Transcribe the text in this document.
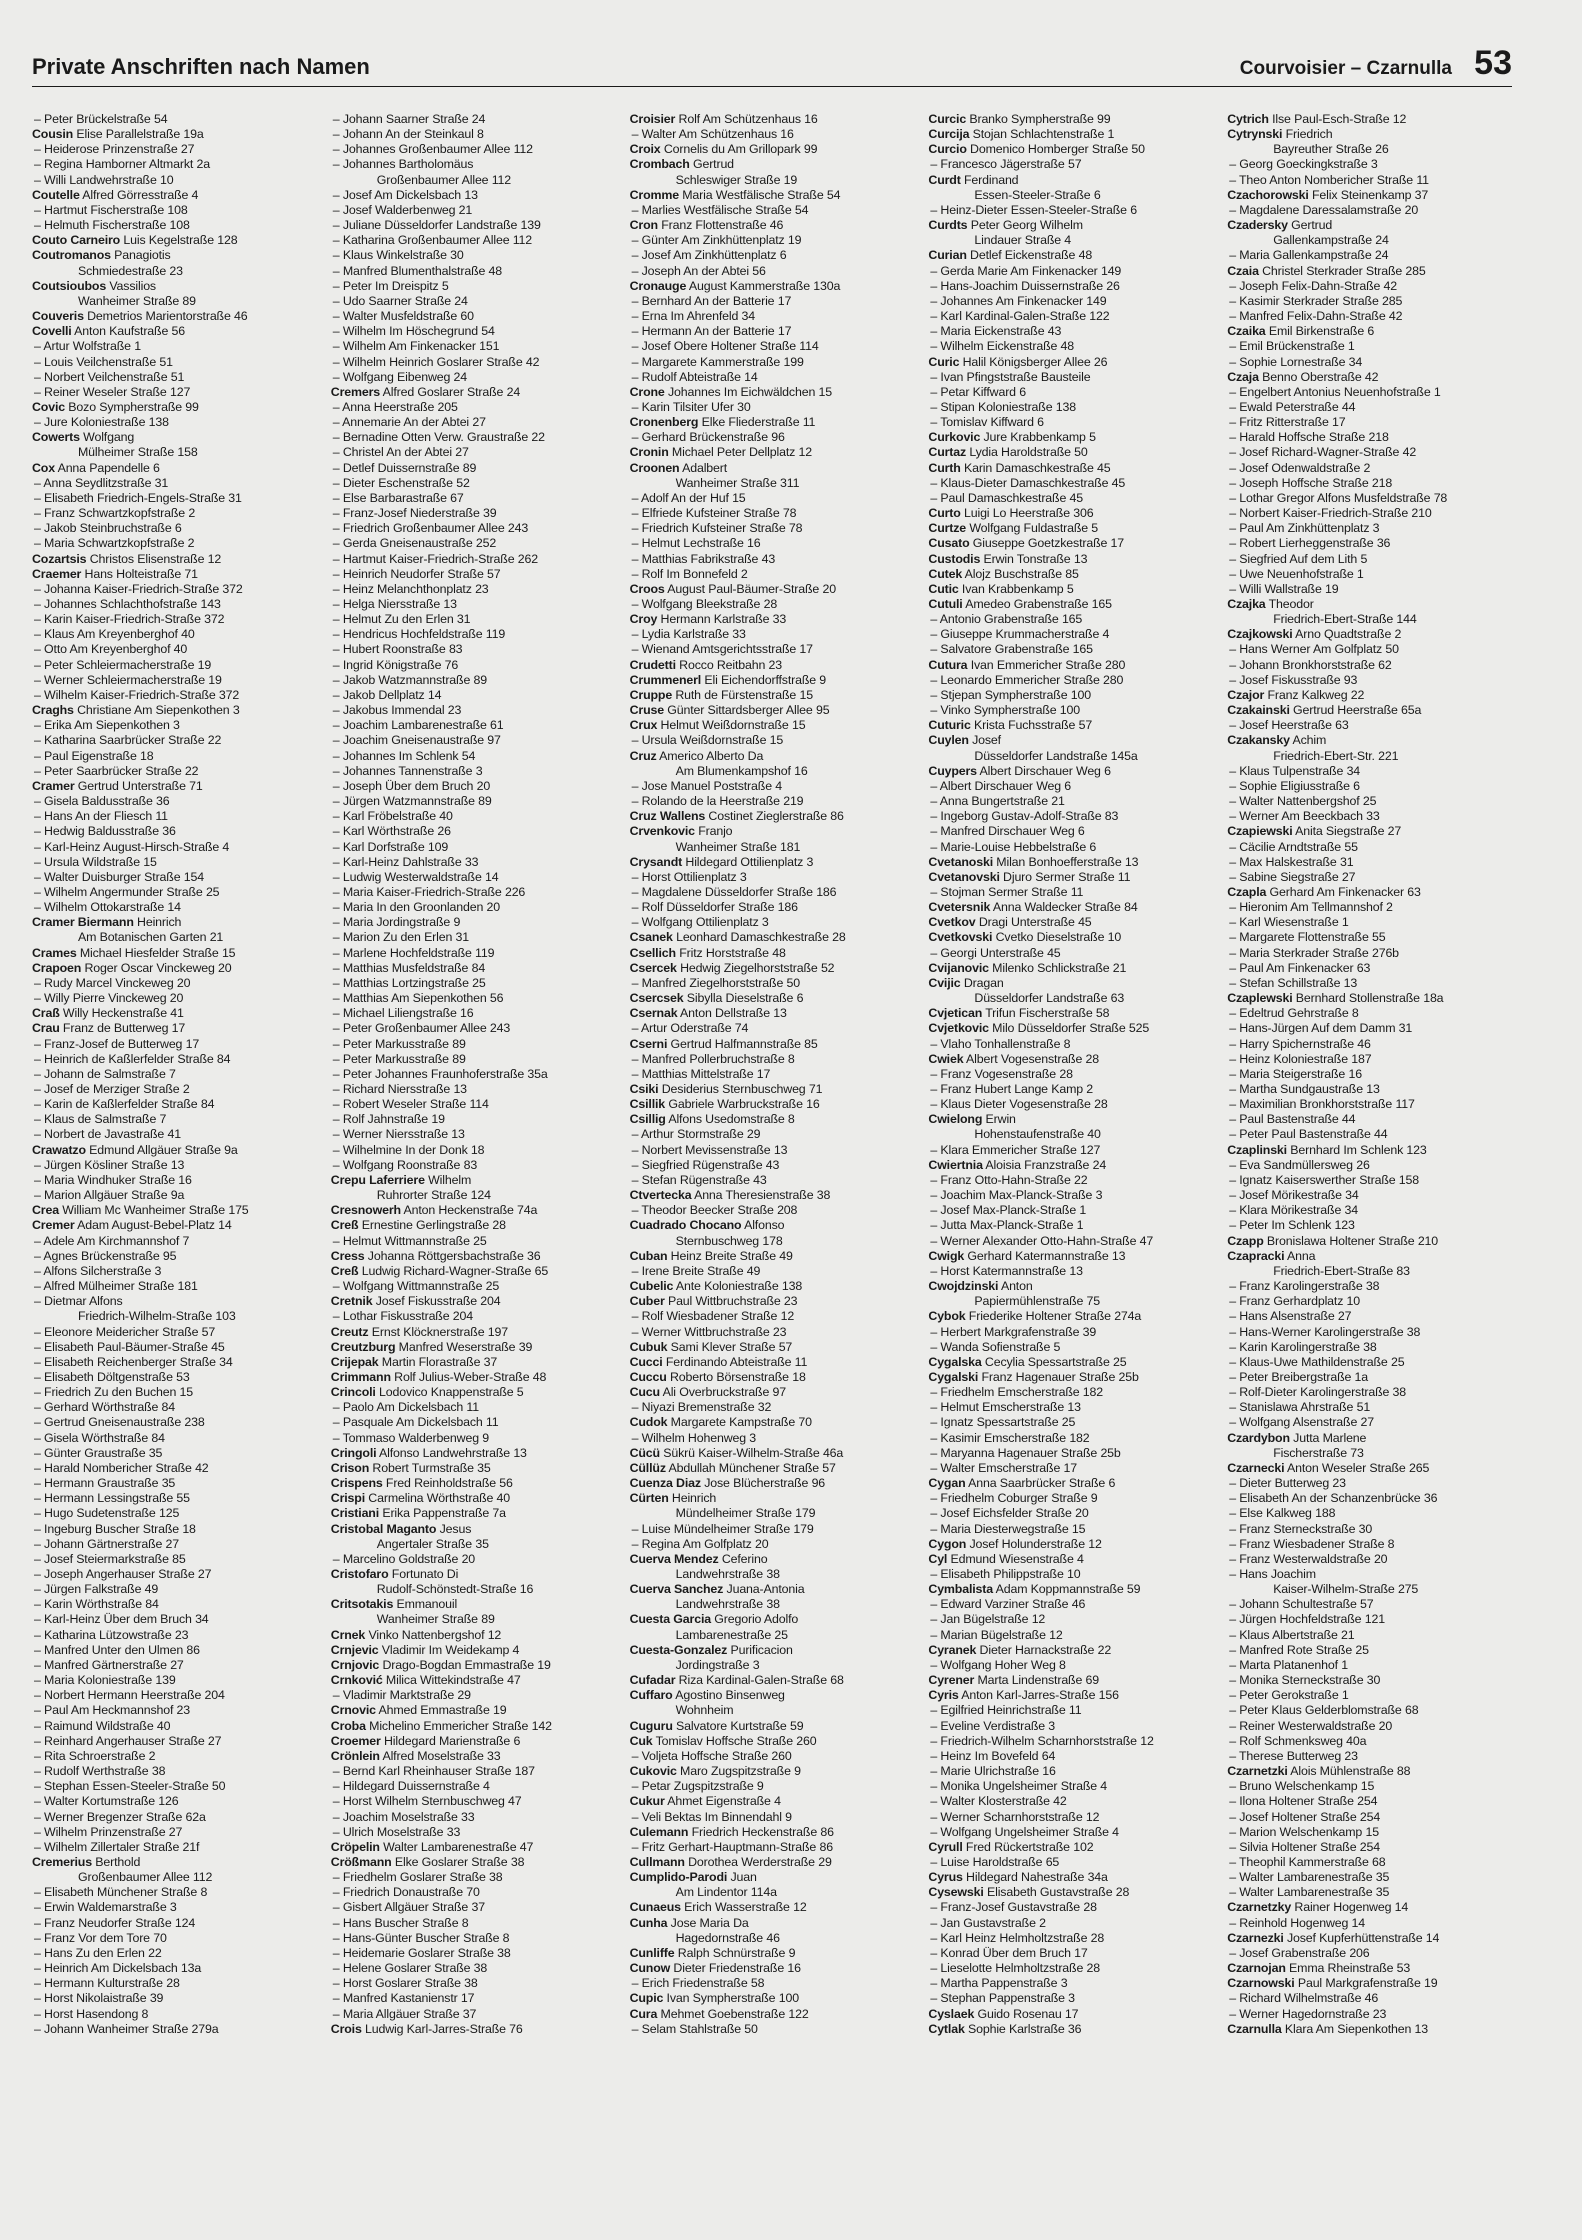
Private Anschriften nach Namen	Courvoisier – Czarnulla 53
– Peter Brückelstraße 54
Cousin Elise Parallelstraße 19a
– Heiderose Prinzenstraße 27
– Regina Hamborner Altmarkt 2a
– Willi Landwehrstraße 10
Coutelle Alfred Görresstraße 4
– Hartmut Fischerstraße 108
– Helmuth Fischerstraße 108
Couto Carneiro Luis Kegelstraße 128
Coutromanos Panagiotis
Schmiedestraße 23
Coutsioubos Vassilios
Wanheimer Straße 89
Couveris Demetrios Marientorstraße 46
Covelli Anton Kaufstraße 56
– Artur Wolfstraße 1
– Louis Veilchenstraße 51
– Norbert Veilchenstraße 51
– Reiner Weseler Straße 127
Covic Bozo Sympherstraße 99
– Jure Koloniestraße 138
Cowerts Wolfgang
Mülheimer Straße 158
Cox Anna Papendelle 6
– Anna Seydlitzstraße 31
– Elisabeth Friedrich-Engels-Straße 31
– Franz Schwartzkopfstraße 2
– Jakob Steinbruchstraße 6
– Maria Schwartzkopfstraße 2
Cozartsis Christos Elisenstraße 12
Craemer Hans Holteistraße 71
– Johanna Kaiser-Friedrich-Straße 372
– Johannes Schlachthofstraße 143
– Karin Kaiser-Friedrich-Straße 372
– Klaus Am Kreyenberghof 40
– Otto Am Kreyenberghof 40
– Peter Schleiermacherstraße 19
– Werner Schleiermacherstraße 19
– Wilhelm Kaiser-Friedrich-Straße 372
Craghs Christiane Am Siepenkothen 3
– Erika Am Siepenkothen 3
– Katharina Saarbrücker Straße 22
– Paul Eigenstraße 18
– Peter Saarbrücker Straße 22
Cramer Gertrud Unterstraße 71
– Gisela Baldusstraße 36
– Hans An der Fliesch 11
– Hedwig Baldusstraße 36
– Karl-Heinz August-Hirsch-Straße 4
– Ursula Wildstraße 15
– Walter Duisburger Straße 154
– Wilhelm Angermunder Straße 25
– Wilhelm Ottokarstraße 14
Cramer Biermann Heinrich
Am Botanischen Garten 21
Crames Michael Hiesfelder Straße 15
Crapoen Roger Oscar Vinckeweg 20
– Rudy Marcel Vinckeweg 20
– Willy Pierre Vinckeweg 20
Craß Willy Heckenstraße 41
Crau Franz de Butterweg 17
– Franz-Josef de Butterweg 17
– Heinrich de Kaßlerfelder Straße 84
– Johann de Salmstraße 7
– Josef de Merziger Straße 2
– Karin de Kaßlerfelder Straße 84
– Klaus de Salmstraße 7
– Norbert de Javastraße 41
Crawatzo Edmund Allgäuer Straße 9a
– Jürgen Kösliner Straße 13
– Maria Windhuker Straße 16
– Marion Allgäuer Straße 9a
Crea William Mc Wanheimer Straße 175
Cremer Adam August-Bebel-Platz 14
– Adele Am Kirchmannshof 7
– Agnes Brückenstraße 95
– Alfons Silcherstraße 3
– Alfred Mülheimer Straße 181
– Dietmar Alfons
Friedrich-Wilhelm-Straße 103
– Eleonore Meidericher Straße 57
– Elisabeth Paul-Bäumer-Straße 45
– Elisabeth Reichenberger Straße 34
– Elisabeth Döltgenstraße 53
– Friedrich Zu den Buchen 15
– Gerhard Wörthstraße 84
– Gertrud Gneisenaustraße 238
– Gisela Wörthstraße 84
– Günter Graustraße 35
– Harald Nombericher Straße 42
– Hermann Graustraße 35
– Hermann Lessingstraße 55
– Hugo Sudetenstraße 125
– Ingeburg Buscher Straße 18
– Johann Gärtnerstraße 27
– Josef Steiermarkstraße 85
– Joseph Angerhauser Straße 27
– Jürgen Falkstraße 49
– Karin Wörthstraße 84
– Karl-Heinz Über dem Bruch 34
– Katharina Lützowstraße 23
– Manfred Unter den Ulmen 86
– Manfred Gärtnerstraße 27
– Maria Koloniestraße 139
– Norbert Hermann Heerstraße 204
– Paul Am Heckmannshof 23
– Raimund Wildstraße 40
– Reinhard Angerhauser Straße 27
– Rita Schroerstraße 2
– Rudolf Werthstraße 38
– Stephan Essen-Steeler-Straße 50
– Walter Kortumstraße 126
– Werner Bregenzer Straße 62a
– Wilhelm Prinzenstraße 27
– Wilhelm Zillertaler Straße 21f
Cremerius Berthold
Großenbaumer Allee 112
– Elisabeth Münchener Straße 8
– Erwin Waldemarstraße 3
– Franz Neudorfer Straße 124
– Franz Vor dem Tore 70
– Hans Zu den Erlen 22
– Heinrich Am Dickelsbach 13a
– Hermann Kulturstraße 28
– Horst Nikolaistraße 39
– Horst Hasendong 8
– Johann Wanheimer Straße 279a
– Johann Saarner Straße 24
– Johann An der Steinkaul 8
– Johannes Großenbaumer Allee 112
– Johannes Bartholomäus
Großenbaumer Allee 112
– Josef Am Dickelsbach 13
– Josef Walderbenweg 21
– Juliane Düsseldorfer Landstraße 139
– Katharina Großenbaumer Allee 112
– Klaus Winkelstraße 30
– Manfred Blumenthalstraße 48
– Peter Im Dreispitz 5
– Udo Saarner Straße 24
– Walter Musfeldstraße 60
– Wilhelm Im Höschegrund 54
– Wilhelm Am Finkenacker 151
– Wilhelm Heinrich Goslarer Straße 42
– Wolfgang Eibenweg 24
Cremers Alfred Goslarer Straße 24
– Anna Heerstraße 205
– Annemarie An der Abtei 27
– Bernadine Otten Verw. Graustraße 22
– Christel An der Abtei 27
– Detlef Duissernstraße 89
– Dieter Eschenstraße 52
– Else Barbarastraße 67
– Franz-Josef Niederstraße 39
– Friedrich Großenbaumer Allee 243
– Gerda Gneisenaustraße 252
– Hartmut Kaiser-Friedrich-Straße 262
– Heinrich Neudorfer Straße 57
– Heinz Melanchthonplatz 23
– Helga Niersstraße 13
– Helmut Zu den Erlen 31
– Hendricus Hochfeldstraße 119
– Hubert Roonstraße 83
– Ingrid Königstraße 76
– Jakob Watzmannstraße 89
– Jakob Dellplatz 14
– Jakobus Immendal 23
– Joachim Lambarenestraße 61
– Joachim Gneisenaustraße 97
– Johannes Im Schlenk 54
– Johannes Tannenstraße 3
– Joseph Über dem Bruch 20
– Jürgen Watzmannstraße 89
– Karl Fröbelstraße 40
– Karl Wörthstraße 26
– Karl Dorfstraße 109
– Karl-Heinz Dahlstraße 33
– Ludwig Westerwaldstraße 14
– Maria Kaiser-Friedrich-Straße 226
– Maria In den Groonlanden 20
– Maria Jordingstraße 9
– Marion Zu den Erlen 31
– Marlene Hochfeldstraße 119
– Matthias Musfeldstraße 84
– Matthias Lortzingstraße 25
– Matthias Am Siepenkothen 56
– Michael Liliengstraße 16
– Peter Großenbaumer Allee 243
– Peter Markusstraße 89
– Peter Markusstraße 89
– Peter Johannes Fraunhoferstraße 35a
– Richard Niersstraße 13
– Robert Weseler Straße 114
– Rolf Jahnstraße 19
– Werner Niersstraße 13
– Wilhelmine In der Donk 18
– Wolfgang Roonstraße 83
Crepu Laferriere Wilhelm
Ruhrorter Straße 124
Cresnowerh Anton Heckenstraße 74a
Creß Ernestine Gerlingstraße 28
– Helmut Wittmannstraße 25
Cress Johanna Röttgersbachstraße 36
Creß Ludwig Richard-Wagner-Straße 65
– Wolfgang Wittmannstraße 25
Cretnik Josef Fiskusstraße 204
– Lothar Fiskusstraße 204
Creutz Ernst Klöcknerstraße 197
Creutzburg Manfred Weserstraße 39
Crijepak Martin Florastraße 37
Crimmann Rolf Julius-Weber-Straße 48
Crincoli Lodovico Knappenstraße 5
– Paolo Am Dickelsbach 11
– Pasquale Am Dickelsbach 11
– Tommaso Walderbenweg 9
Cringoli Alfonso Landwehrstraße 13
Crison Robert Turmstraße 35
Crispens Fred Reinholdstraße 56
Crispi Carmelina Wörthstraße 40
Cristiani Erika Pappenstraße 7a
Cristobal Maganto Jesus
Angertaler Straße 35
– Marcelino Goldstraße 20
Cristofaro Fortunato Di
Rudolf-Schönstedt-Straße 16
Critsotakis Emmanouil
Wanheimer Straße 89
Crnek Vinko Nattenbergshof 12
Crnjevic Vladimir Im Weidekamp 4
Crnjovic Drago-Bogdan Emmastraße 19
Crnković Milica Wittekindstraße 47
– Vladimir Marktstraße 29
Crnovic Ahmed Emmastraße 19
Croba Michelino Emmericher Straße 142
Croemer Hildegard Marienstraße 6
Crönlein Alfred Moselstraße 33
– Bernd Karl Rheinhauser Straße 187
– Hildegard Duissernstraße 4
– Horst Wilhelm Sternbuschweg 47
– Joachim Moselstraße 33
– Ulrich Moselstraße 33
Cröpelin Walter Lambarenestraße 47
Crößmann Elke Goslarer Straße 38
– Friedhelm Goslarer Straße 38
– Friedrich Donaustraße 70
– Gisbert Allgäuer Straße 37
– Hans Buscher Straße 8
– Hans-Günter Buscher Straße 8
– Heidemarie Goslarer Straße 38
– Helene Goslarer Straße 38
– Horst Goslarer Straße 38
– Manfred Kastanienstr 17
– Maria Allgäuer Straße 37
Crois Ludwig Karl-Jarres-Straße 76
Croisier Rolf Am Schützenhaus 16
– Walter Am Schützenhaus 16
Croix Cornelis du Am Grillopark 99
Crombach Gertrud
Schleswiger Straße 19
Cromme Maria Westfälische Straße 54
– Marlies Westfälische Straße 54
Cron Franz Flottenstraße 46
– Günter Am Zinkhüttenplatz 19
– Josef Am Zinkhüttenplatz 6
– Joseph An der Abtei 56
Cronauge August Kammerstraße 130a
– Bernhard An der Batterie 17
– Erna Im Ahrenfeld 34
– Hermann An der Batterie 17
– Josef Obere Holtener Straße 114
– Margarete Kammerstraße 199
– Rudolf Abteistraße 14
Crone Johannes Im Eichwäldchen 15
– Karin Tilsiter Ufer 30
Cronenberg Elke Fliederstraße 11
– Gerhard Brückenstraße 96
Cronin Michael Peter Dellplatz 12
Croonen Adalbert
Wanheimer Straße 311
– Adolf An der Huf 15
– Elfriede Kufsteiner Straße 78
– Friedrich Kufsteiner Straße 78
– Helmut Lechstraße 16
– Matthias Fabrikstraße 43
– Rolf Im Bonnefeld 2
Croos August Paul-Bäumer-Straße 20
– Wolfgang Bleekstraße 28
Croy Hermann Karlstraße 33
– Lydia Karlstraße 33
– Wienand Amtsgerichtsstraße 17
Crudetti Rocco Reitbahn 23
Crummenerl Eli Eichendorffstraße 9
Cruppe Ruth de Fürstenstraße 15
Cruse Günter Sittardsberger Allee 95
Crux Helmut Weißdornstraße 15
– Ursula Weißdornstraße 15
Cruz Americo Alberto Da
Am Blumenkampshof 16
– Jose Manuel Poststraße 4
– Rolando de la Heerstraße 219
Cruz Wallens Costinet Zieglerstraße 86
Crvenkovic Franjo
Wanheimer Straße 181
Crysandt Hildegard Ottilienplatz 3
– Horst Ottilienplatz 3
– Magdalene Düsseldorfer Straße 186
– Rolf Düsseldorfer Straße 186
– Wolfgang Ottilienplatz 3
Csanek Leonhard Damaschkestraße 28
Csellich Fritz Horststraße 48
Csercek Hedwig Ziegelhorststraße 52
– Manfred Ziegelhorststraße 50
Csercsek Sibylla Dieselstraße 6
Csernak Anton Dellstraße 13
– Artur Oderstraße 74
Cserni Gertrud Halfmannstraße 85
– Manfred Pollerbruchstraße 8
– Matthias Mittelstraße 17
Csiki Desiderius Sternbuschweg 71
Csillik Gabriele Warbruckstraße 16
Csillig Alfons Usedomstraße 8
– Arthur Stormstraße 29
– Norbert Mevissenstraße 13
– Siegfried Rügenstraße 43
– Stefan Rügenstraße 43
Ctvertecka Anna Theresienstraße 38
– Theodor Beecker Straße 208
Cuadrado Chocano Alfonso
Sternbuschweg 178
Cuban Heinz Breite Straße 49
– Irene Breite Straße 49
Cubelic Ante Koloniestraße 138
Cuber Paul Wittbruchstraße 23
– Rolf Wiesbadener Straße 12
– Werner Wittbruchstraße 23
Cubuk Sami Klever Straße 57
Cucci Ferdinando Abteistraße 11
Cuccu Roberto Börsenstraße 18
Cucu Ali Overbruckstraße 97
– Niyazi Bremenstraße 32
Cudok Margarete Kampstraße 70
– Wilhelm Hohenweg 3
Cücü Sükrü Kaiser-Wilhelm-Straße 46a
Cüllüz Abdullah Münchener Straße 57
Cuenza Diaz Jose Blücherstraße 96
Cürten Heinrich
Mündelheimer Straße 179
– Luise Mündelheimer Straße 179
– Regina Am Golfplatz 20
Cuerva Mendez Ceferino
Landwehrstraße 38
Cuerva Sanchez Juana-Antonia
Landwehrstraße 38
Cuesta Garcia Gregorio Adolfo
Lambarenestraße 25
Cuesta-Gonzalez Purificacion
Jordingstraße 3
Cufadar Riza Kardinal-Galen-Straße 68
Cuffaro Agostino Binsenweg
Wohnheim
Cuguru Salvatore Kurtstraße 59
Cuk Tomislav Hoffsche Straße 260
– Voljeta Hoffsche Straße 260
Cukovic Maro Zugspitzstraße 9
– Petar Zugspitzstraße 9
Cukur Ahmet Eigenstraße 4
– Veli Bektas Im Binnendahl 9
Culemann Friedrich Heckenstraße 86
– Fritz Gerhart-Hauptmann-Straße 86
Cullmann Dorothea Werderstraße 29
Cumplido-Parodi Juan
Am Lindentor 114a
Cunaeus Erich Wasserstraße 12
Cunha Jose Maria Da
Hagedornstraße 46
Cunliffe Ralph Schnürstraße 9
Cunow Dieter Friedenstraße 16
– Erich Friedenstraße 58
Cupic Ivan Sympherstraße 100
Cura Mehmet Goebenstraße 122
– Selam Stahlstraße 50
Curcic Branko Sympherstraße 99
Curcija Stojan Schlachtenstraße 1
Curcio Domenico Homberger Straße 50
– Francesco Jägerstraße 57
Curdt Ferdinand
Essen-Steeler-Straße 6
– Heinz-Dieter Essen-Steeler-Straße 6
Curdts Peter Georg Wilhelm
Lindauer Straße 4
Curian Detlef Eickenstraße 48
– Gerda Marie Am Finkenacker 149
– Hans-Joachim Duissernstraße 26
– Johannes Am Finkenacker 149
– Karl Kardinal-Galen-Straße 122
– Maria Eickenstraße 43
– Wilhelm Eickenstraße 48
Curic Halil Königsberger Allee 26
– Ivan Pfingststraße Bausteile
– Petar Kiffward 6
– Stipan Koloniestraße 138
– Tomislav Kiffward 6
Curkovic Jure Krabbenkamp 5
Curtaz Lydia Haroldstraße 50
Curth Karin Damaschkestraße 45
– Klaus-Dieter Damaschkestraße 45
– Paul Damaschkestraße 45
Curto Luigi Lo Heerstraße 306
Curtze Wolfgang Fuldastraße 5
Cusato Giuseppe Goetzkestraße 17
Custodis Erwin Tonstraße 13
Cutek Alojz Buschstraße 85
Cutic Ivan Krabbenkamp 5
Cutuli Amedeo Grabenstraße 165
– Antonio Grabenstraße 165
– Giuseppe Krummacherstraße 4
– Salvatore Grabenstraße 165
Cutura Ivan Emmericher Straße 280
– Leonardo Emmericher Straße 280
– Stjepan Sympherstraße 100
– Vinko Sympherstraße 100
Cuturic Krista Fuchsstraße 57
Cuylen Josef
Düsseldorfer Landstraße 145a
Cuypers Albert Dirschauer Weg 6
– Albert Dirschauer Weg 6
– Anna Bungertstraße 21
– Ingeborg Gustav-Adolf-Straße 83
– Manfred Dirschauer Weg 6
– Marie-Louise Hebbelstraße 6
Cvetanoski Milan Bonhoefferstraße 13
Cvetanovski Djuro Sermer Straße 11
– Stojman Sermer Straße 11
Cvetersnik Anna Waldecker Straße 84
Cvetkov Dragi Unterstraße 45
Cvetkovski Cvetko Dieselstraße 10
– Georgi Unterstraße 45
Cvijanovic Milenko Schlickstraße 21
Cvijic Dragan
Düsseldorfer Landstraße 63
Cvjetican Trifun Fischerstraße 58
Cvjetkovic Milo Düsseldorfer Straße 525
– Vlaho Tonhallenstraße 8
Cwiek Albert Vogesenstraße 28
– Franz Vogesenstraße 28
– Franz Hubert Lange Kamp 2
– Klaus Dieter Vogesenstraße 28
Cwielong Erwin
Hohenstaufenstraße 40
– Klara Emmericher Straße 127
Cwiertnia Aloisia Franzstraße 24
– Franz Otto-Hahn-Straße 22
– Joachim Max-Planck-Straße 3
– Josef Max-Planck-Straße 1
– Jutta Max-Planck-Straße 1
– Werner Alexander Otto-Hahn-Straße 47
Cwigk Gerhard Katermannstraße 13
– Horst Katermannstraße 13
Cwojdzinski Anton
Papiermühlenstraße 75
Cybok Friederike Holtener Straße 274a
– Herbert Markgrafenstraße 39
– Wanda Sofienstraße 5
Cygalska Cecylia Spessartstraße 25
Cygalski Franz Hagenauer Straße 25b
– Friedhelm Emscherstraße 182
– Helmut Emscherstraße 13
– Ignatz Spessartstraße 25
– Kasimir Emscherstraße 182
– Maryanna Hagenauer Straße 25b
– Walter Emscherstraße 17
Cygan Anna Saarbrücker Straße 6
– Friedhelm Coburger Straße 9
– Josef Eichsfelder Straße 20
– Maria Diesterwegstraße 15
Cygon Josef Holunderstraße 12
Cyl Edmund Wiesenstraße 4
– Elisabeth Philippstraße 10
Cymbalista Adam Koppmannstraße 59
– Edward Varziner Straße 46
– Jan Bügelstraße 12
– Marian Bügelstraße 12
Cyranek Dieter Harnackstraße 22
– Wolfgang Hoher Weg 8
Cyrener Marta Lindenstraße 69
Cyris Anton Karl-Jarres-Straße 156
– Egilfried Heinrichstraße 11
– Eveline Verdistraße 3
– Friedrich-Wilhelm Scharnhorststraße 12
– Heinz Im Bovefeld 64
– Marie Ulrichstraße 16
– Monika Ungelsheimer Straße 4
– Walter Klosterstraße 42
– Werner Scharnhorststraße 12
– Wolfgang Ungelsheimer Straße 4
Cyrull Fred Rückertstraße 102
– Luise Haroldstraße 65
Cyrus Hildegard Nahestraße 34a
Cysewski Elisabeth Gustavstraße 28
– Franz-Josef Gustavstraße 28
– Jan Gustavstraße 2
– Karl Heinz Helmholtzstraße 28
– Konrad Über dem Bruch 17
– Lieselotte Helmholtzstraße 28
– Martha Pappenstraße 3
– Stephan Pappenstraße 3
Cyslaek Guido Rosenau 17
Cytlak Sophie Karlstraße 36
Cytrich Ilse Paul-Esch-Straße 12
Cytrynski Friedrich
Bayreuther Straße 26
– Georg Goeckingkstraße 3
– Theo Anton Nombericher Straße 11
Czachorowski Felix Steinenkamp 37
– Magdalene Daressalamstraße 20
Czadersky Gertrud
Gallenkampstraße 24
– Maria Gallenkampstraße 24
Czaia Christel Sterkrader Straße 285
– Joseph Felix-Dahn-Straße 42
– Kasimir Sterkrader Straße 285
– Manfred Felix-Dahn-Straße 42
Czaika Emil Birkenstraße 6
– Emil Brückenstraße 1
– Sophie Lornestraße 34
Czaja Benno Oberstraße 42
– Engelbert Antonius Neuenhofstraße 1
– Ewald Peterstraße 44
– Fritz Ritterstraße 17
– Harald Hoffsche Straße 218
– Josef Richard-Wagner-Straße 42
– Josef Odenwaldstraße 2
– Joseph Hoffsche Straße 218
– Lothar Gregor Alfons Musfeldstraße 78
– Norbert Kaiser-Friedrich-Straße 210
– Paul Am Zinkhüttenplatz 3
– Robert Lierheggenstraße 36
– Siegfried Auf dem Lith 5
– Uwe Neuenhofstraße 1
– Willi Wallstraße 19
Czajka Theodor
Friedrich-Ebert-Straße 144
Czajkowski Arno Quadtstraße 2
– Hans Werner Am Golfplatz 50
– Johann Bronkhorststraße 62
– Josef Fiskusstraße 93
Czajor Franz Kalkweg 22
Czakainski Gertrud Heerstraße 65a
– Josef Heerstraße 63
Czakansky Achim
Friedrich-Ebert-Str. 221
– Klaus Tulpenstraße 34
– Sophie Eligiusstraße 6
– Walter Nattenbergshof 25
– Werner Am Beeckbach 33
Czapiewski Anita Siegstraße 27
– Cäcilie Arndtstraße 55
– Max Halskestraße 31
– Sabine Siegstraße 27
Czapla Gerhard Am Finkenacker 63
– Hieronim Am Tellmannshof 2
– Karl Wiesenstraße 1
– Margarete Flottenstraße 55
– Maria Sterkrader Straße 276b
– Paul Am Finkenacker 63
– Stefan Schillstraße 13
Czaplewski Bernhard Stollenstraße 18a
– Edeltrud Gehrstraße 8
– Hans-Jürgen Auf dem Damm 31
– Harry Spichernstraße 46
– Heinz Koloniestraße 187
– Maria Steigerstraße 16
– Martha Sundgaustraße 13
– Maximilian Bronkhorststraße 117
– Paul Bastenstraße 44
– Peter Paul Bastenstraße 44
Czaplinski Bernhard Im Schlenk 123
– Eva Sandmüllersweg 26
– Ignatz Kaiserswerther Straße 158
– Josef Mörikestraße 34
– Klara Mörikestraße 34
– Peter Im Schlenk 123
Czapp Bronislawa Holtener Straße 210
Czapracki Anna
Friedrich-Ebert-Straße 83
– Franz Karolingerstraße 38
– Franz Gerhardplatz 10
– Hans Alsenstraße 27
– Hans-Werner Karolingerstraße 38
– Karin Karolingerstraße 38
– Klaus-Uwe Mathildenstraße 25
– Peter Breibergstraße 1a
– Rolf-Dieter Karolingerstraße 38
– Stanislawa Ahrstraße 51
– Wolfgang Alsenstraße 27
Czardybon Jutta Marlene
Fischerstraße 73
Czarnecki Anton Weseler Straße 265
– Dieter Butterweg 23
– Elisabeth An der Schanzenbrücke 36
– Else Kalkweg 188
– Franz Sterneckstraße 30
– Franz Wiesbadener Straße 8
– Franz Westerwaldstraße 20
– Hans Joachim
Kaiser-Wilhelm-Straße 275
– Johann Schultestraße 57
– Jürgen Hochfeldstraße 121
– Klaus Albertstraße 21
– Manfred Rote Straße 25
– Marta Platanenhof 1
– Monika Sterneckstraße 30
– Peter Gerokstraße 1
– Peter Klaus Gelderblomstraße 68
– Reiner Westerwaldstraße 20
– Rolf Schmenksweg 40a
– Therese Butterweg 23
Czarnetzki Alois Mühlenstraße 88
– Bruno Welschenkamp 15
– Ilona Holtener Straße 254
– Josef Holtener Straße 254
– Marion Welschenkamp 15
– Silvia Holtener Straße 254
– Theophil Kammerstraße 68
– Walter Lambarenestraße 35
– Walter Lambarenestraße 35
Czarnetzky Rainer Hogenweg 14
– Reinhold Hogenweg 14
Czarnezki Josef Kupferhüttenstraße 14
– Josef Grabenstraße 206
Czarnojan Emma Rheinstraße 53
Czarnowski Paul Markgrafenstraße 19
– Richard Wilhelmstraße 46
– Werner Hagedornstraße 23
Czarnulla Klara Am Siepenkothen 13
